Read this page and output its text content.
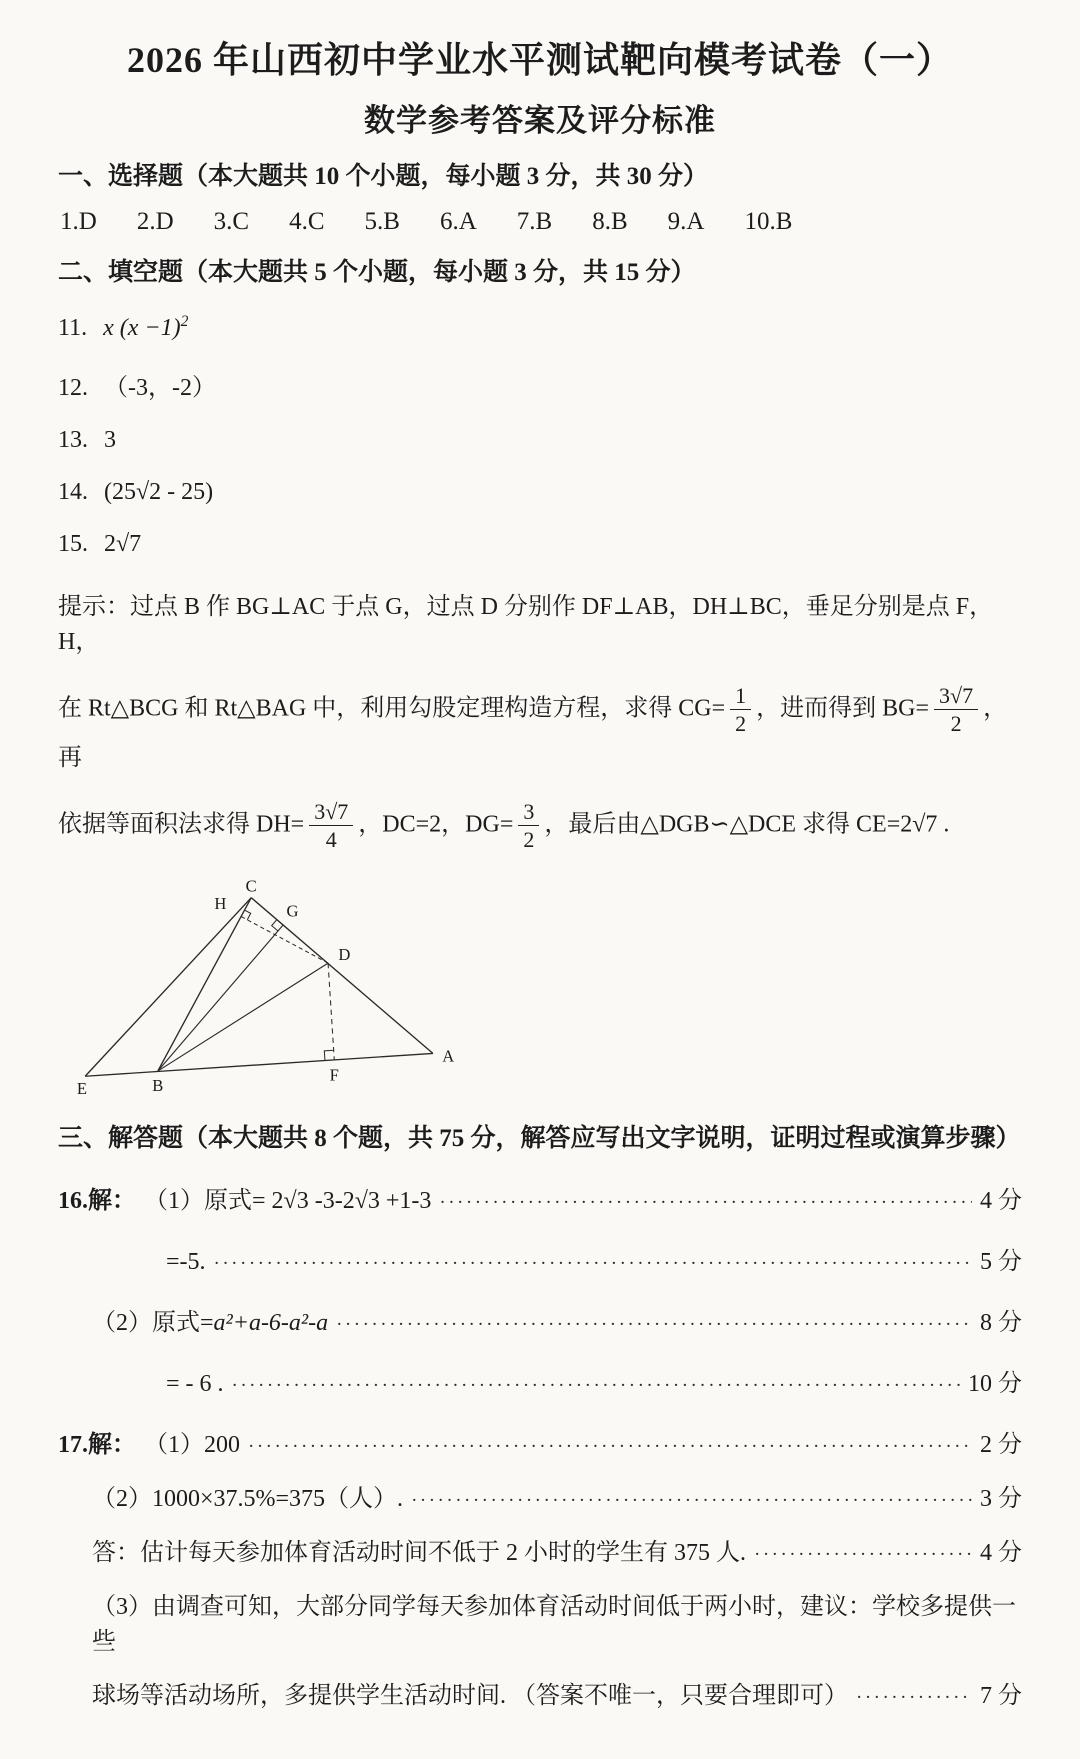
2026 年山西初中学业水平测试靶向模考试卷（一）
数学参考答案及评分标准
一、选择题（本大题共 10 个小题，每小题 3 分，共 30 分）
1.D 2.D 3.C 4.C 5.B 6.A 7.B 8.B 9.A 10.B
二、填空题（本大题共 5 个小题，每小题 3 分，共 15 分）
11. x $(x -1)^2$
12. （-3，-2）
13. 3
14. (25√2 - 25)
15. 2√7
提示：过点 B 作 BG⊥AC 于点 G，过点 D 分别作 DF⊥AB，DH⊥BC，垂足分别是点 F，H，
在 Rt△BCG 和 Rt△BAG 中，利用勾股定理构造方程，求得 $CG= \frac{1}{2}$ ，进而得到 $BG= \frac{3√7}{2}$ ，再
依据等面积法求得 $DH= \frac{3√7}{4}$ ，DC=2，$DG= \frac{3}{2}$ ，最后由△DGB∽△DCE 求得 CE=2√7 .
C
H	G
D
E	B
F
A
三、解答题（本大题共 8 个题，共 75 分，解答应写出文字说明，证明过程或演算步骤）
16.解： （1）原式= 2√3 -3-2√3 +1-3 ·····	4 分
=-5. ·····	5 分
（2）原式= a²+a-6-a²-a ·····	8 分
= - 6 . ·····	10 分
17.解： （1）200 ·····	2 分
（2）1000×37.5%=375（人）. ·····	3 分
答：估计每天参加体育活动时间不低于 2 小时的学生有 375 人. ·····	4 分
（3）由调查可知，大部分同学每天参加体育活动时间低于两小时，建议：学校多提供一些
球场等活动场所，多提供学生活动时间. （答案不唯一，只要合理即可） ·····	7 分
